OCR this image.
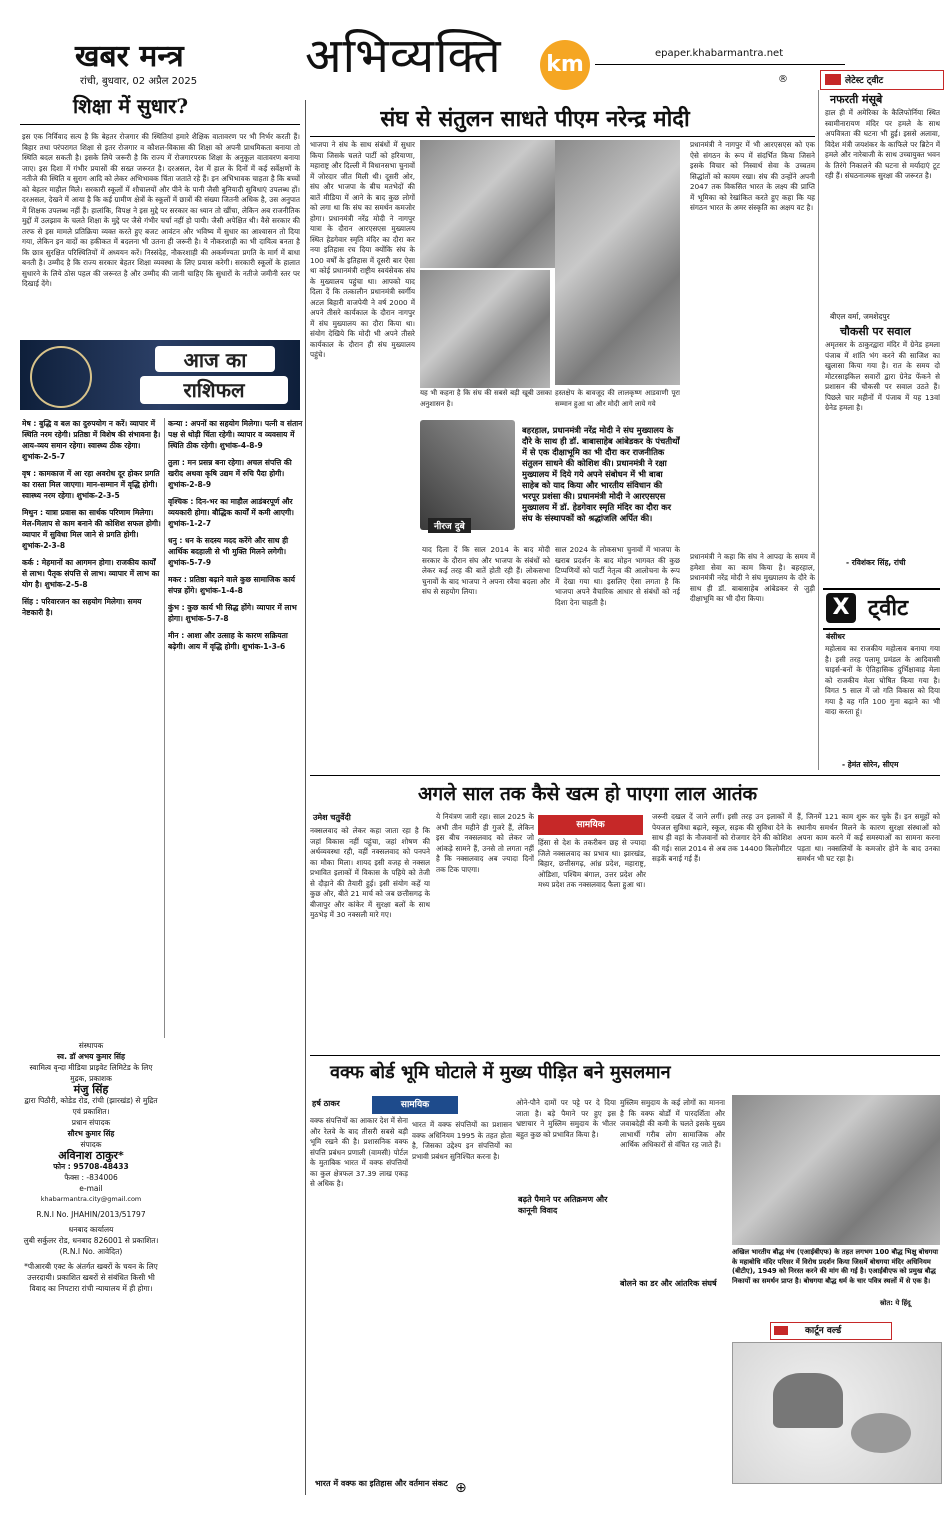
खबर मन्त्र
रांची, बुधवार, 02 अप्रैल 2025 अभिव्यक्ति km	epaper.khabarmantra.net
®	लेटेस्ट ट्वीट
शिक्षा में सुधार?
इस एक निर्विवाद सत्य है कि बेहतर रोजगार की स्थितियां हमारे शैक्षिक वातावरण पर भी निर्भर करती हैं। बिहार तथा परंपरागत शिक्षा से इतर रोजगार व कौशल-विकास की शिक्षा को अपनी प्राथमिकता बनाया तो स्थिति बदल सकती है। इसके लिये जरूरी है कि राज्य में रोजगारपरक शिक्षा के अनुकूल वातावरण बनाया जाए। इस दिशा में गंभीर प्रयासों की सख्त जरूरत है। दरअसल, देश में हाल के दिनों में कई सर्वेक्षणों के नतीजे की स्थिति व सुराग आदि को लेकर अभिभावक चिंता जताते रहे हैं। इन अभिभावक चाहता है कि बच्चों को बेहतर माहौल मिले। सरकारी स्कूलों में शौचालयों और पीने के पानी जैसी बुनियादी सुविधाएं उपलब्ध हों। दरअसल, देखने में आया है कि कई ग्रामीण क्षेत्रों के स्कूलों में छात्रों की संख्या जितनी अधिक है, उस अनुपात में शिक्षक उपलब्ध नहीं हैं। हालांकि, विपक्ष ने इस मुद्दे पर सरकार का ध्यान तो खींचा, लेकिन अब राजनीतिक मुद्दों में उलझाव के चलते शिक्षा के मुद्दे पर जैसे गंभीर चर्चा नहीं हो पायी। जैसी अपेक्षित थी। वैसे सरकार की तरफ से इस मामले प्रतिक्रिया व्यक्त करते हुए बजट आवंटन और भविष्य में सुधार का आश्वासन तो दिया गया, लेकिन इन वादों का हकीकत में बदलना भी उतना ही जरूरी है। ये नौकरशाही का भी दायित्व बनता है कि छात्र सुरक्षित परिस्थितियों में अध्ययन करें। निस्संदेह, नौकरशाही की अकर्मण्यता प्रगति के मार्ग में बाधा बनती है। उम्मीद है कि राज्य सरकार बेहतर शिक्षा व्यवस्था के लिए प्रयास करेगी। सरकारी स्कूलों के हालात सुधारने के लिये ठोस पहल की जरूरत है और उम्मीद की जानी चाहिए कि सुधारों के नतीजे जमीनी स्तर पर दिखाई देंगे।
आज का
राशिफल
मेष : बुद्धि व बल का दुरुपयोग न करें। व्यापार में स्थिति नरम रहेगी। प्रतिष्ठा में विशेष की संभावना है। आय-व्यय समान रहेगा। स्वास्थ्य ठीक रहेगा। शुभांक-2-5-7
वृष : कामकाज में आ रहा अवरोध दूर होकर प्रगति का रास्ता मिल जाएगा। मान-सम्मान में वृद्धि होगी। स्वास्थ्य नरम रहेगा। शुभांक-2-3-5
मिथुन : यात्रा प्रवास का सार्थक परिणाम मिलेगा। मेल-मिलाप से काम बनाने की कोशिश सफल होगी। व्यापार में सुविधा मिल जाने से प्रगति होगी। शुभांक-2-3-8
कर्क : मेहमानों का आगमन होगा। राजकीय कार्यों से लाभ। पैतृक संपत्ति से लाभ। व्यापार में लाभ का योग है। शुभांक-2-5-8
सिंह : परिवारजन का सहयोग मिलेगा। समय नेष्टकारी है।
कन्या : अपनों का सहयोग मिलेगा। पत्नी व संतान पक्ष से थोड़ी चिंता रहेगी। व्यापार व व्यवसाय में स्थिति ठीक रहेगी। शुभांक-4-8-9
तुला : मन प्रसन्न बना रहेगा। अचल संपत्ति की खरीद अथवा कृषि उद्यम में रुचि पैदा होगी। शुभांक-2-8-9
वृश्चिक : दिन-भर का माहौल आडंबरपूर्ण और व्ययकारी होगा। बौद्धिक कार्यों में कमी आएगी। शुभांक-1-2-7
धनु : धन के सदस्य मदद करेंगे और साथ ही आर्थिक बदहाली से भी मुक्ति मिलने लगेगी। शुभांक-5-7-9
मकर : प्रतिष्ठा बढ़ाने वाले कुछ सामाजिक कार्य संपन्न होंगे। शुभांक-1-4-8
कुंभ : कुछ कार्य भी सिद्ध होंगे। व्यापार में लाभ होगा। शुभांक-5-7-8
मीन : आशा और उत्साह के कारण सक्रियता बढ़ेगी। आय में वृद्धि होगी। शुभांक-1-3-6
संस्थापक
स्व. डॉ अभय कुमार सिंह
स्वामित्व वृन्दा मीडिया प्राइवेट लिमिटेड के लिए
मुद्रक, प्रकाशक
मंजु सिंह
द्वारा पिठौरी, कोडेड रोड, रांची (झारखंड) से मुद्रित एवं प्रकाशित।
प्रधान संपादक
सौरभ कुमार सिंह
संपादक
अविनाश ठाकुर*
फोन : 95708-48433
फैक्स : -834006
e-mail
khabarmantra.city@gmail.com
R.N.I No. JHAHIN/2013/51797
धनबाद कार्यालय
लुबी सर्कुलर रोड, धनबाद 826001 से प्रकाशित।
(R.N.I No. आवेदित)
*पीआरबी एक्ट के अंतर्गत खबरों के चयन के लिए उत्तरदायी। प्रकाशित खबरों से संबंधित किसी भी विवाद का निपटारा रांची न्यायालय में ही होगा।
संघ से संतुलन साधते पीएम नरेन्द्र मोदी
भाजपा ने संघ के साथ संबंधों में सुधार किया जिसके चलते पार्टी को हरियाणा, महाराष्ट्र और दिल्ली में विधानसभा चुनावों में जोरदार जीत मिली थी। दूसरी ओर, संघ और भाजपा के बीच मतभेदों की बातें मीडिया में आने के बाद कुछ लोगों को लगा था कि संघ का समर्थन कमजोर होगा। प्रधानमंत्री नरेंद्र मोदी ने नागपुर यात्रा के दौरान आरएसएस मुख्यालय स्थित हेडगेवार स्मृति मंदिर का दौरा कर नया इतिहास रच दिया क्योंकि संघ के 100 वर्षों के इतिहास में दूसरी बार ऐसा था कोई प्रधानमंत्री राष्ट्रीय स्वयंसेवक संघ के मुख्यालय पहुंचा था। आपको याद दिला दें कि तत्कालीन प्रधानमंत्री स्वर्गीय अटल बिहारी वाजपेयी ने वर्ष 2000 में अपने तीसरे कार्यकाल के दौरान नागपुर में संघ मुख्यालय का दौरा किया था। संयोग देखिये कि मोदी भी अपने तीसरे कार्यकाल के दौरान ही संघ मुख्यालय पहुंचे।
यह भी कहना है कि संघ की सबसे बड़ी खूबी उसका अनुशासन है।
हस्तक्षेप के बावजूद की लालकृष्ण आडवाणी पूरा सम्मान हुआ था और मोदी आगे लाये गये
नीरज दुबे
बहरहाल, प्रधानमंत्री नरेंद्र मोदी ने संघ मुख्यालय के दौरे के साथ ही डॉ. बाबासाहेब आंबेडकर के पंचतीर्थों में से एक दीक्षाभूमि का भी दौरा कर राजनीतिक संतुलन साधने की कोशिश की। प्रधानमंत्री ने रक्षा मुख्यालय में दिये गये अपने संबोधन में भी बाबा साहेब को याद किया और भारतीय संविधान की भरपूर प्रशंसा की। प्रधानमंत्री मोदी ने आरएसएस मुख्यालय में डॉ. हेडगेवार स्मृति मंदिर का दौरा कर संघ के संस्थापकों को श्रद्धांजलि अर्पित की।
प्रधानमंत्री ने नागपुर में भी आरएसएस को एक ऐसे संगठन के रूप में संदर्भित किया जिसने इसके विचार को निस्वार्थ सेवा के उच्चतम सिद्धांतों को कायम रखा। संघ की उन्होंने अपनी 2047 तक विकसित भारत के लक्ष्य की प्राप्ति में भूमिका को रेखांकित करते हुए कहा कि यह संगठन भारत के अमर संस्कृति का अक्षय वट है।
याद दिला दें कि साल 2014 के बाद मोदी सरकार के दौरान संघ और भाजपा के संबंधों को लेकर कई तरह की बातें होती रही हैं। लोकसभा चुनावों के बाद भाजपा ने अपना रवैया बदला और संघ से सहयोग लिया।
साल 2024 के लोकसभा चुनावों में भाजपा के खराब प्रदर्शन के बाद मोहन भागवत की कुछ टिप्पणियों को पार्टी नेतृत्व की आलोचना के रूप में देखा गया था। इसलिए ऐसा लगता है कि भाजपा अपने वैचारिक आधार से संबंधों को नई दिशा देना चाहती है।
प्रधानमंत्री ने कहा कि संघ ने आपदा के समय में हमेशा सेवा का काम किया है। बहरहाल, प्रधानमंत्री नरेंद्र मोदी ने संघ मुख्यालय के दौरे के साथ ही डॉ. बाबासाहेब आंबेडकर से जुड़ी दीक्षाभूमि का भी दौरा किया।
नफरती मंसूबे
हाल ही में अमेरिका के कैलिफोर्निया स्थित स्वामीनारायण मंदिर पर हमले के साथ अपवित्रता की घटना भी हुई। इससे अलावा, विदेश मंत्री जयशंकर के काफिले पर ब्रिटेन में हमले और नारेबाजी के साथ उच्चायुक्त भवन के तिरंगे निकालने की घटना से मर्यादाएं टूट रही हैं। संघठनात्मक सुरक्षा की जरूरत है।
बीएल वर्मा, जमशेदपुर
चौकसी पर सवाल
अमृतसर के ठाकुरद्वारा मंदिर में ग्रेनेड हमला पंजाब में शांति भंग करने की साजिश का खुलासा किया गया है। रात के समय दो मोटरसाइकिल सवारों द्वारा ग्रेनेड फेंकने से प्रशासन की चौकसी पर सवाल उठते हैं। पिछले चार महीनों में पंजाब में यह 13वां ग्रेनेड हमला है।
- रविशंकर सिंह, रांची
X ट्वीट
बंसीधर
महोत्सव का राजकीय महोत्सव बनाया गया है। इसी तरह पलामू प्रमंडल के आदिवासी चाइर्स-बनों के ऐतिहासिक दुर्भिक्षावाड़ मेला को राजकीय मेला घोषित किया गया है। विगत 5 साल में जो गति विकास को दिया गया है वह गति 100 गुना बढ़ाने का भी वादा करता हूं।
- हेमंत सोरेन, सीएम
अगले साल तक कैसे खत्म हो पाएगा लाल आतंक
सामयिक
उमेश चतुर्वेदी
नक्सलवाद को लेकर कहा जाता रहा है कि जहां विकास नहीं पहुंचा, जहां शोषण की अर्थव्यवस्था रही, वहीं नक्सलवाद को पनपने का मौका मिला। शायद इसी वजह से नक्सल प्रभावित इलाकों में विकास के पहिये को तेजी से दौड़ाने की तैयारी हुई। इसी संयोग कहें या कुछ और, बीते 21 मार्च को जब छत्तीसगढ़ के बीजापुर और कांकेर में सुरक्षा बलों के साथ मुठभेड़ में 30 नक्सली मारे गए।
ये नियंत्रण जारी रहा। साल 2025 के अभी तीन महीने ही गुजरे हैं, लेकिन इस बीच नक्सलवाद को लेकर जो आंकड़े सामने हैं, उनसे तो लगता नहीं है कि नक्सलवाद अब ज्यादा दिनों तक टिक पाएगा।
हिंसा से देश के तकरीबन छह से ज्यादा जिले नक्सलवाद का प्रभाव था। झारखंड, बिहार, छत्तीसगढ़, आंध्र प्रदेश, महाराष्ट्र, ओडिशा, पश्चिम बंगाल, उत्तर प्रदेश और मध्य प्रदेश तक नक्सलवाद फैला हुआ था।
जरूरी दखल दें जाने लगीं। इसी तरह उन इलाकों में पेयजल सुविधा बढ़ाने, स्कूल, सड़क की सुविधा देने के साथ ही वहां के नौजवानों को रोजगार देने की कोशिश की गई। साल 2014 से अब तक 14400 किलोमीटर सड़कें बनाई गई हैं।
हैं, जिनमें 121 काम शुरू कर चुके हैं। इन समूहों को स्थानीय समर्थन मिलने के कारण सुरक्षा संस्थाओं को अपना काम करने में कई समस्याओं का सामना करना पड़ता था। नक्सलियों के कमजोर होने के बाद उनका समर्थन भी घट रहा है।
वक्फ बोर्ड भूमि घोटाले में मुख्य पीड़ित बने मुसलमान
हर्ष ठाकर	सामयिक
वक्फ संपत्तियों का आकार देश में सेना और रेलवे के बाद तीसरी सबसे बड़ी भूमि रखने की है। प्रशासनिक वक्फ संपत्ति प्रबंधन प्रणाली (वामसी) पोर्टल के मुताबिक भारत में वक्फ संपत्तियों का कुल क्षेत्रफल 37.39 लाख एकड़ से अधिक है।
भारत में वक्फ संपत्तियों का प्रशासन वक्फ अधिनियम 1995 के तहत होता है, जिसका उद्देश्य इन संपत्तियों का प्रभावी प्रबंधन सुनिश्चित करना है।
भारत में वक्फ का इतिहास और वर्तमान संकट
ओने-पौने दामों पर पट्टे पर दे दिया जाता है। बड़े पैमाने पर हुए इस भ्रष्टाचार ने मुस्लिम समुदाय के भीतर बहुत कुछ को प्रभावित किया है।
बढ़ते पैमाने पर अतिक्रमण और कानूनी विवाद
मुस्लिम समुदाय के कई लोगों का मानना है कि वक्फ बोर्डों में पारदर्शिता और जवाबदेही की कमी के चलते इसके मुख्य लाभार्थी गरीब लोग सामाजिक और आर्थिक अधिकारों से वंचित रह जाते हैं।
बोलने का डर और आंतरिक संघर्ष
अखिल भारतीय बौद्ध मंच (एआईबीएफ) के तहत लगभग 100 बौद्ध भिक्षु बोधगया के महाबोधि मंदिर परिसर में विरोध प्रदर्शन किया जिसमें बोधगया मंदिर अधिनियम (बीटीए), 1949 को निरस्त करने की मांग की गई है। एआईबीएफ को प्रमुख बौद्ध निकायों का समर्थन प्राप्त है। बोधगया बौद्ध धर्म के चार पवित्र स्थलों में से एक है।
स्रोत: ये हिंदू
कार्टून वर्ल्ड
⊕
